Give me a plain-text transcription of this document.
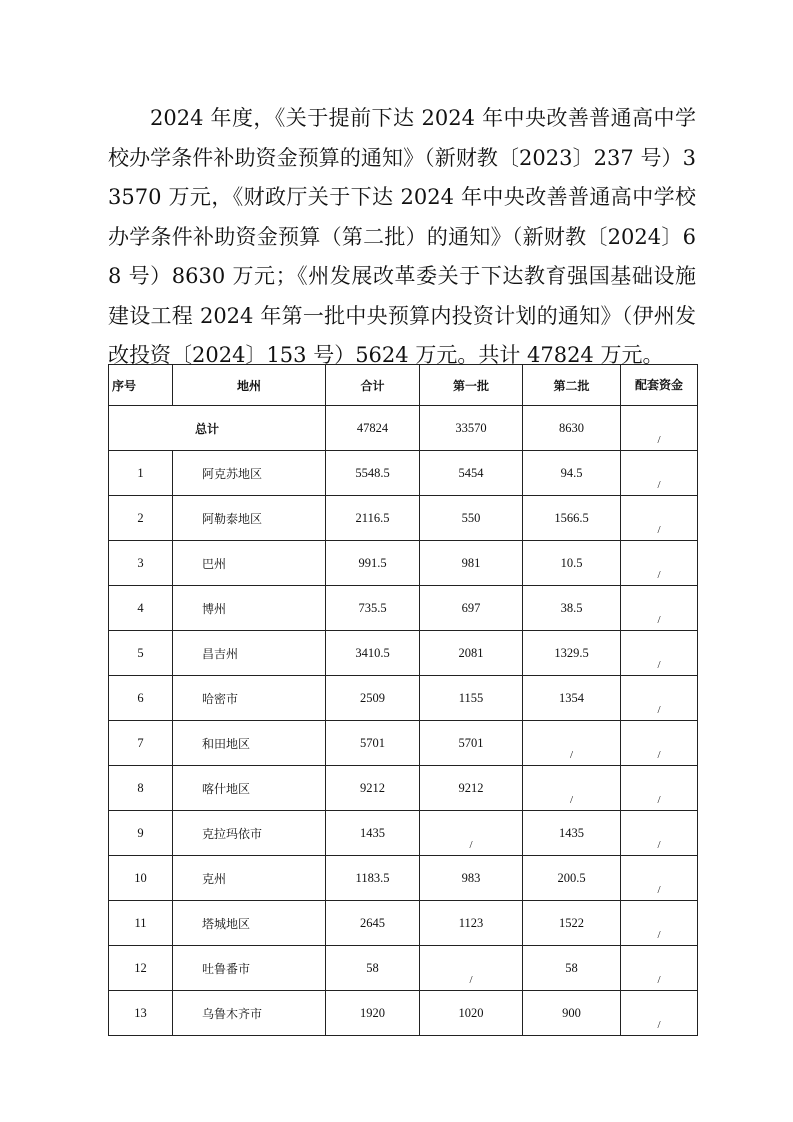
2024 年度，《关于提前下达 2024 年中央改善普通高中学校办学条件补助资金预算的通知》（新财教〔2023〕237 号）33570 万元，《财政厅关于下达 2024 年中央改善普通高中学校办学条件补助资金预算（第二批）的通知》（新财教〔2024〕68 号）8630 万元；《州发展改革委关于下达教育强国基础设施建设工程 2024 年第一批中央预算内投资计划的通知》（伊州发改投资〔2024〕153 号）5624 万元。共计 47824 万元。

序号	地州	合计	第一批	第二批	配套资金
总计		47824	33570	8630	/
1	阿克苏地区	5548.5	5454	94.5	/
2	阿勒泰地区	2116.5	550	1566.5	/
3	巴州	991.5	981	10.5	/
4	博州	735.5	697	38.5	/
5	昌吉州	3410.5	2081	1329.5	/
6	哈密市	2509	1155	1354	/
7	和田地区	5701	5701	/	/
8	喀什地区	9212	9212	/	/
9	克拉玛依市	1435	/	1435	/
10	克州	1183.5	983	200.5	/
11	塔城地区	2645	1123	1522	/
12	吐鲁番市	58	/	58	/
13	乌鲁木齐市	1920	1020	900	/
